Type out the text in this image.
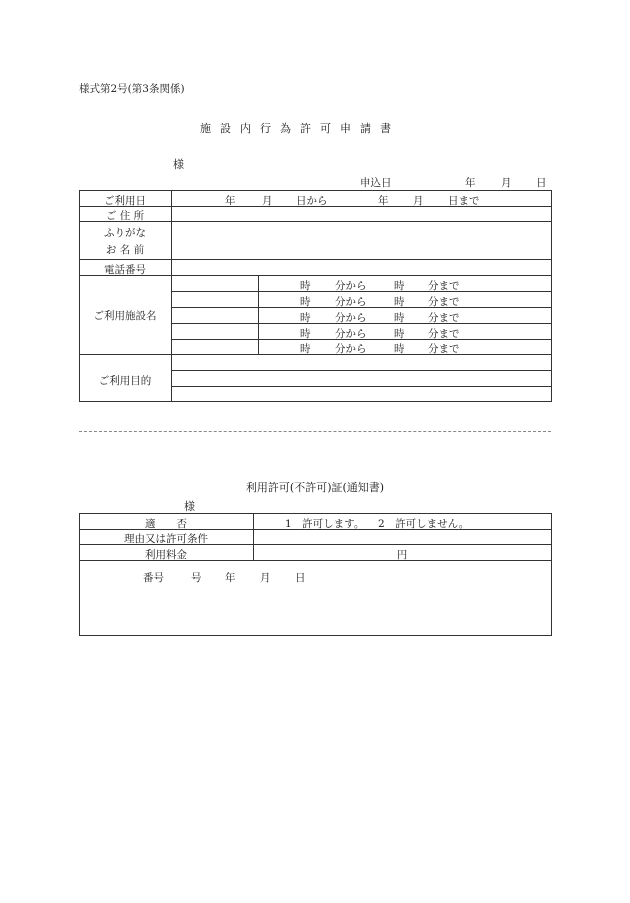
様式第2号(第3条関係)
施設内行為許可申請書
様
申込日	年 月 日
ご利用日	年	月 日から	年 月 日まで
ご 住 所
ふりがな
お 名 前
電話番号
ご利用施設名
時 分から	時 分まで
時 分から	時 分まで
時 分から	時 分まで
時 分から	時 分まで
時 分から	時 分まで
ご利用目的
利用許可(不許可)証(通知書)
様
適　　否	1　許可します。 2　許可しません。
理由又は許可条件
利用料金	円
番号	号 年 月 日
